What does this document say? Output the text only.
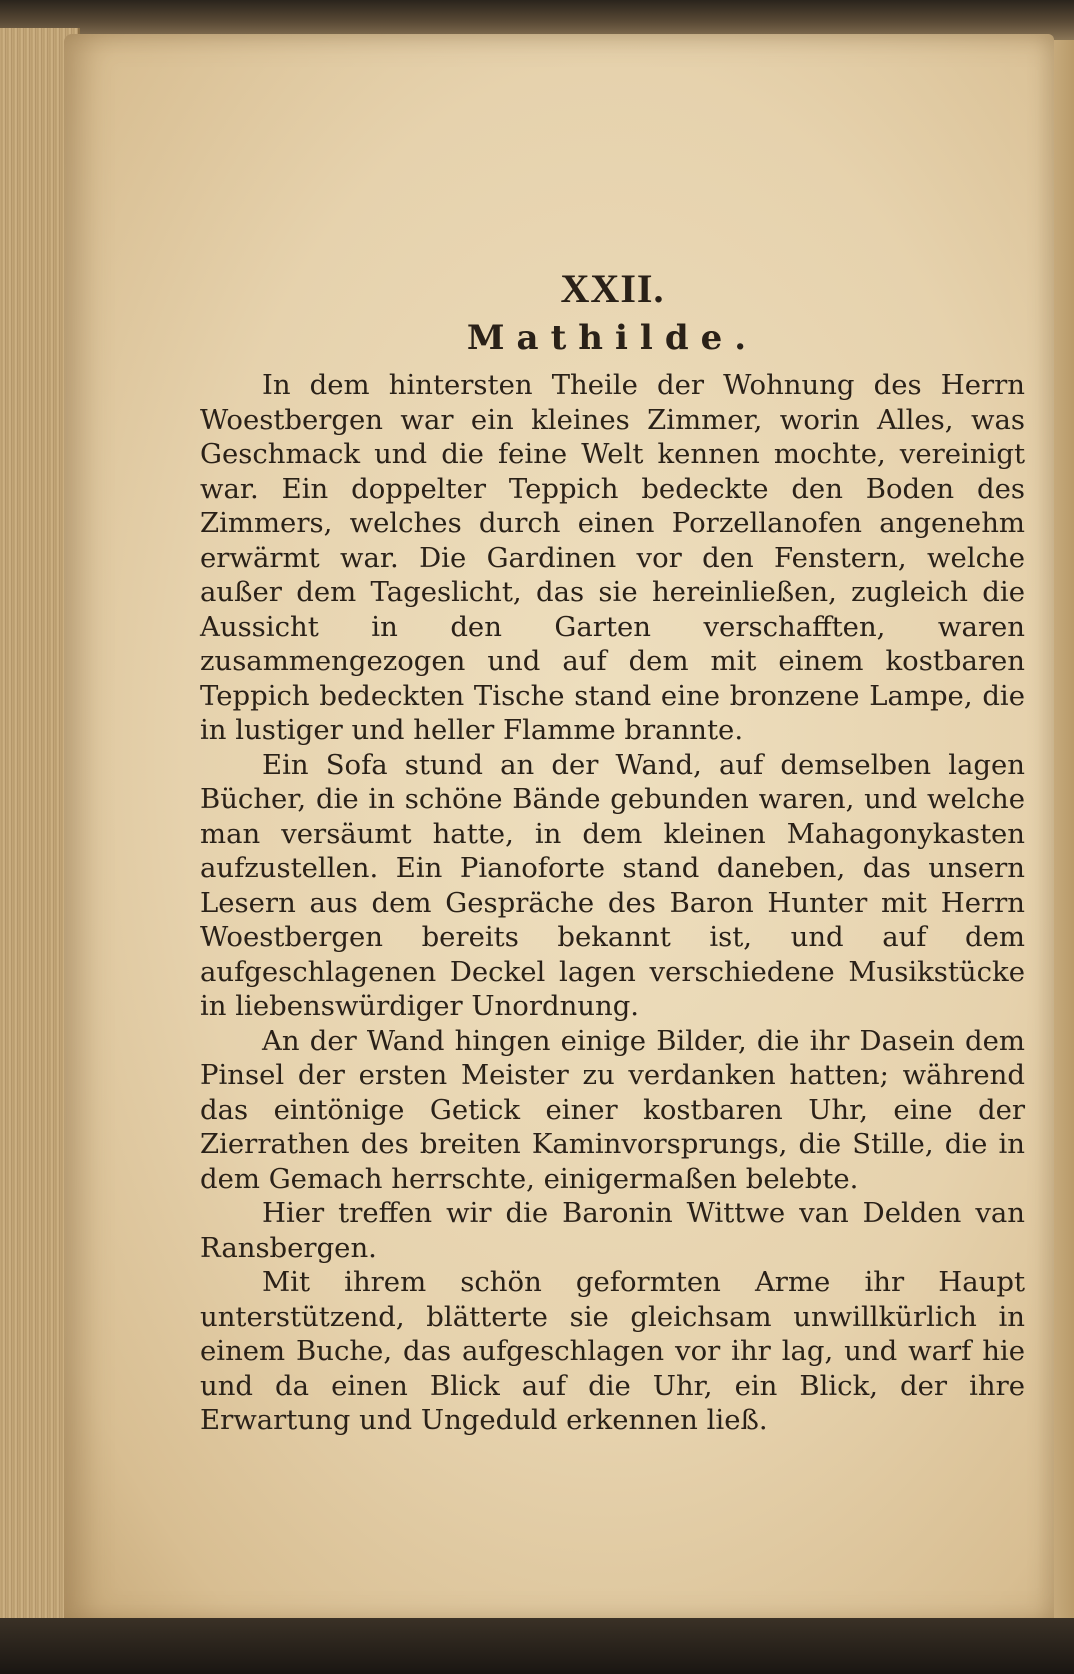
XXII.
Mathilde.

In dem hintersten Theile der Wohnung des Herrn Woestbergen war ein kleines Zimmer, worin Alles, was Geschmack und die feine Welt kennen mochte, vereinigt war. Ein doppelter Teppich bedeckte den Boden des Zimmers, welches durch einen Porzellanofen angenehm erwärmt war. Die Gardinen vor den Fenstern, welche außer dem Tageslicht, das sie hereinließen, zugleich die Aussicht in den Garten verschafften, waren zusammengezogen und auf dem mit einem kostbaren Teppich bedeckten Tische stand eine bronzene Lampe, die in lustiger und heller Flamme brannte.

Ein Sofa stund an der Wand, auf demselben lagen Bücher, die in schöne Bände gebunden waren, und welche man versäumt hatte, in dem kleinen Mahagonykasten aufzustellen. Ein Pianoforte stand daneben, das unsern Lesern aus dem Gespräche des Baron Hunter mit Herrn Woestbergen bereits bekannt ist, und auf dem aufgeschlagenen Deckel lagen verschiedene Musikstücke in liebenswürdiger Unordnung.

An der Wand hingen einige Bilder, die ihr Dasein dem Pinsel der ersten Meister zu verdanken hatten; während das eintönige Getick einer kostbaren Uhr, eine der Zierrathen des breiten Kaminvorsprungs, die Stille, die in dem Gemach herrschte, einigermaßen belebte.

Hier treffen wir die Baronin Wittwe van Delden van Ransbergen.

Mit ihrem schön geformten Arme ihr Haupt unterstützend, blätterte sie gleichsam unwillkürlich in einem Buche, das aufgeschlagen vor ihr lag, und warf hie und da einen Blick auf die Uhr, ein Blick, der ihre Erwartung und Ungeduld erkennen ließ.
